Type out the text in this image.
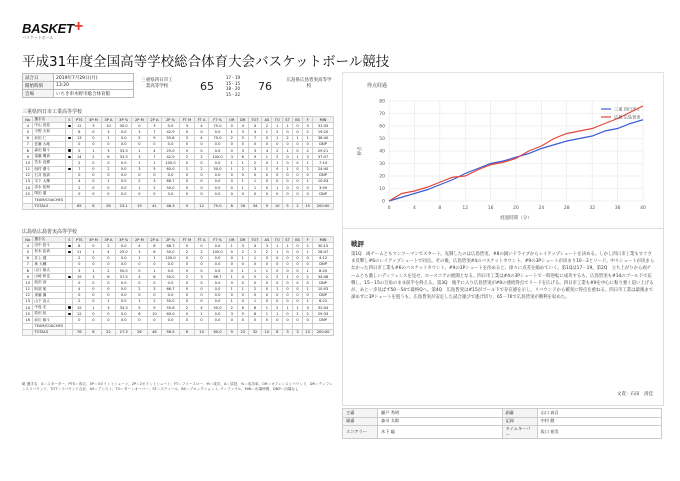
BASKET+
バスケットボール
平成31年度全国高等学校総合体育大会バスケットボール競技
試合日	2019年7月29日(月)
開始時刻	13:20
会場	いちき串木野市総合体育館
三重県四日市工業高等学校	65
17 - 19
15 - 15
18 - 20
15 - 22
76	広島県広島皆実高等学校
三重県四日市工業高等学校
No	選手名	S	PTS	3P M	3P A	3P %	2P M	2P A	2P %	FT M	FT A	FT %	OR	DR	TOT	AS	TO	ST	BS	F	MIN
4	中山 晃佑		12	3	10	30.0	0	3	0.0	3	4	75.0	0	4	4	2	1	1	0	3	31:35
5	小野 大和		6	0	3	0.0	3	7	42.9	0	0	0.0	1	3	4	1	2	0	0	2	19:20
6	前田 仁		13	0	1	0.0	5	9	55.6	3	4	75.0	2	5	7	0	1	2	1	1	36:40
7	佐藤 大地		0	0	0	0.0	0	0	0.0	0	0	0.0	0	0	0	0	0	0	0	0	DNP
8	森田 陽斗		5	1	3	33.3	1	4	25.0	0	0	0.0	0	3	3	4	2	1	0	2	29:21
9	遠藤 颯真		14	2	6	33.3	3	7	42.9	2	2	100.0	3	6	9	1	2	0	1	3	37:07
10	宮本 直樹		2	0	0	0.0	1	1	100.0	0	0	0.0	1	1	2	0	1	0	0	1	7:14
11	西村 優斗		7	0	2	0.0	3	5	60.0	1	2	50.0	1	2	3	1	0	1	0	2	24:40
12	石井 翔真		0	0	0	0.0	0	0	0.0	0	0	0.0	0	0	0	0	0	0	0	0	DNP
13	木下 大輝		4	0	1	0.0	2	3	66.7	0	0	0.0	0	1	1	0	0	0	0	1	10:03
14	清水 拓海		2	0	0	0.0	1	2	50.0	0	0	0.0	0	1	1	0	1	0	0	0	3:59
15	岡田 蓮		0	0	0	0.0	0	0	0.0	0	0	0.0	0	0	0	0	0	0	0	0	DNP
	TEAM/COACHES																				
	TOTALS		65	6	26	23.1	19	41	46.3	9	12	75.0	8	26	34	9	10	5	2	15	200:00
広島県広島皆実高等学校
No	選手名	S	PTS	3P M	3P A	3P %	2P M	2P A	2P %	FT M	FT A	FT %	OR	DR	TOT	AS	TO	ST	BS	F	MIN
4	田中 悠斗		8	0	2	0.0	4	6	66.7	0	0	0.0	1	3	4	3	1	1	0	2	30:15
5	松本 拓真		11	1	4	25.0	3	6	50.0	2	2	100.0	0	2	2	2	1	0	0	1	28:47
6	井上 健		2	0	0	0.0	1	1	100.0	0	0	0.0	0	1	1	0	0	0	0	0	4:12
7	林 大輔		0	0	0	0.0	0	0	0.0	0	0	0.0	0	0	0	0	0	0	0	0	DNP
8	山口 雄大		3	1	2	50.0	0	1	0.0	0	0	0.0	0	1	1	1	0	0	0	1	8:20
9	山崎 和也		19	3	8	37.5	4	8	50.0	2	3	66.7	1	4	5	2	2	1	0	2	34:48
10	池田 涼		0	0	0	0.0	0	0	0.0	0	0	0.0	0	0	0	0	0	0	0	0	DNP
11	阿部 航		4	0	0	0.0	2	3	66.7	0	0	0.0	1	1	2	0	1	0	0	1	10:03
12	斎藤 翼		0	0	0	0.0	0	0	0.0	0	0	0.0	0	0	0	0	0	0	0	0	DNP
13	山下 直人		2	0	1	0.0	1	2	50.0	0	0	0.0	1	0	1	0	0	0	0	1	6:22
14	中島 光		15	1	3	33.3	5	9	55.6	2	4	50.0	2	6	8	1	2	1	1	3	32:04
15	原田 陸		12	0	0	0.0	6	10	60.0	0	1	0.0	3	5	8	1	1	0	2	2	29:33
16	前川 雄斗		0	0	0	0.0	0	0	0.0	0	0	0.0	0	0	0	0	0	0	0	0	DNP
	TEAM/COACHES																				
	TOTALS		76	6	22	27.3	26	46	56.5	6	10	60.0	9	23	32	10	8	3	3	13	200:00
略 選手名：S＝スターター、PTS＝得点、3P＝3ポイントシュート、2P＝2ポイントシュート、FT＝フリースロー、M＝成功、A＝試投、%＝成功率、OR＝オフェンスリバウンド、DR＝ディフェンスリバウンド、TOT＝リバウンド合計、AS＝アシスト、TO＝ターンオーバー、ST＝スティール、BS＝ブロックショット、F＝ファウル、MIN＝出場時間、DNP＝出場なし
得点経過
0
10
20
30
40
50
60
70
80
0	4	8	12	16	20	24	28	32	36	40
経過時間（分）
得点
三重 四日市工
広島 広島皆実
戦評
第1Q　両チームともマンツーマンでスタート。先制したのは広島皆実、#8の鋭いドライブからレイアップシュートを決める。しかし四日市工業もすぐさま反撃し#6のレイアップシュートで同点。その後、広島皆実#4のバスケットカウント、#9の3Pシュートが決まり10－2とリード。中々シュートが決まらなかった四日市工業も#6のバスケットカウント、#9の3Pシュートを決めると、徐々に点差を縮めていく。第1Qは17－19。第2Q　立ち上がりから両チームとも激しいディフェンスを見せ、ロースコアの展開となる。四日市工業は#4の3Pシュートで一時逆転に成功するも、広島皆実も#14のゴール下で応戦し、15－15の互角のまま前半を終える。第3Q　後半に入り広島皆実が#9の連続得点でリードを広げる。四日市工業も#9を中心に粘り強く追い上げるが、あと一歩及ばず50－54で最終Qへ。第4Q　広島皆実は#15がゴール下で存在感を示し、リバウンドから確実に得点を重ねる。四日市工業は最後まで諦めずに3Pシュートを狙うも、広島皆実が安定した試合運びで逃げ切り、65－76で広島皆実が勝利を収めた。
文責：石田　清佳
主審	瀬戸 秀明	副審	山口 真吾
副審	森川 太郎	記録	中村 健
スコアラー	木下 聡	タイムキーパー	坂口 裕美
